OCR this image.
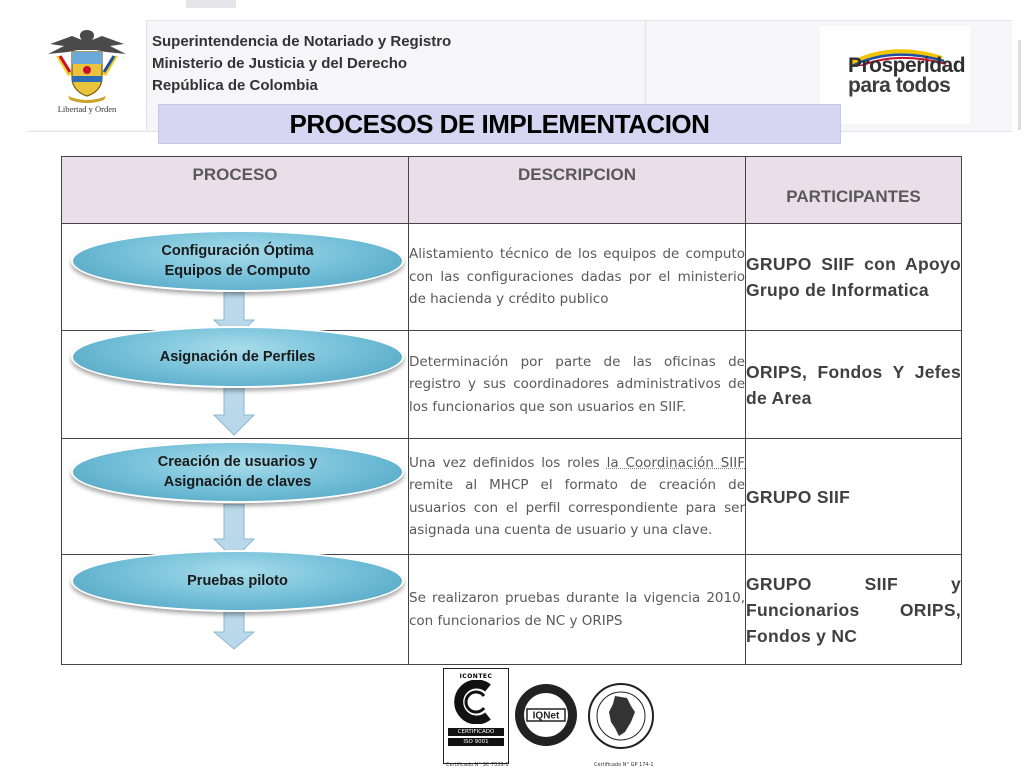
Libertad y Orden
Superintendencia de Notariado y Registro
Ministerio de Justicia y del Derecho
República de Colombia
Prosperidad
para todos
PROCESOS DE IMPLEMENTACION
PROCESO	DESCRIPCION	PARTICIPANTES
	Alistamiento técnico de los equipos de computo con las configuraciones dadas por el ministerio de hacienda y crédito publico	GRUPO SIIF con Apoyo Grupo de Informatica
	Determinación por parte de las oficinas de registro y sus coordinadores administrativos de los funcionarios que son usuarios en SIIF.	ORIPS, Fondos Y Jefes de Area
	Una vez definidos los roles la Coordinación SIIF remite al MHCP el formato de creación de usuarios con el perfil correspondiente para ser asignada una cuenta de usuario y una clave.	GRUPO SIIF
	Se realizaron pruebas durante la vigencia 2010, con funcionarios de NC y ORIPS	GRUPO SIIF y Funcionarios ORIPS, Fondos y NC
Configuración Óptima
Equipos de Computo
Asignación de Perfiles
Creación de usuarios y
Asignación de claves
Pruebas piloto
ICONTEC
CERTIFICADO
ISO 9001
IQNet
Certificado N° SC 7339-1	Certificado N° GP 174-1
